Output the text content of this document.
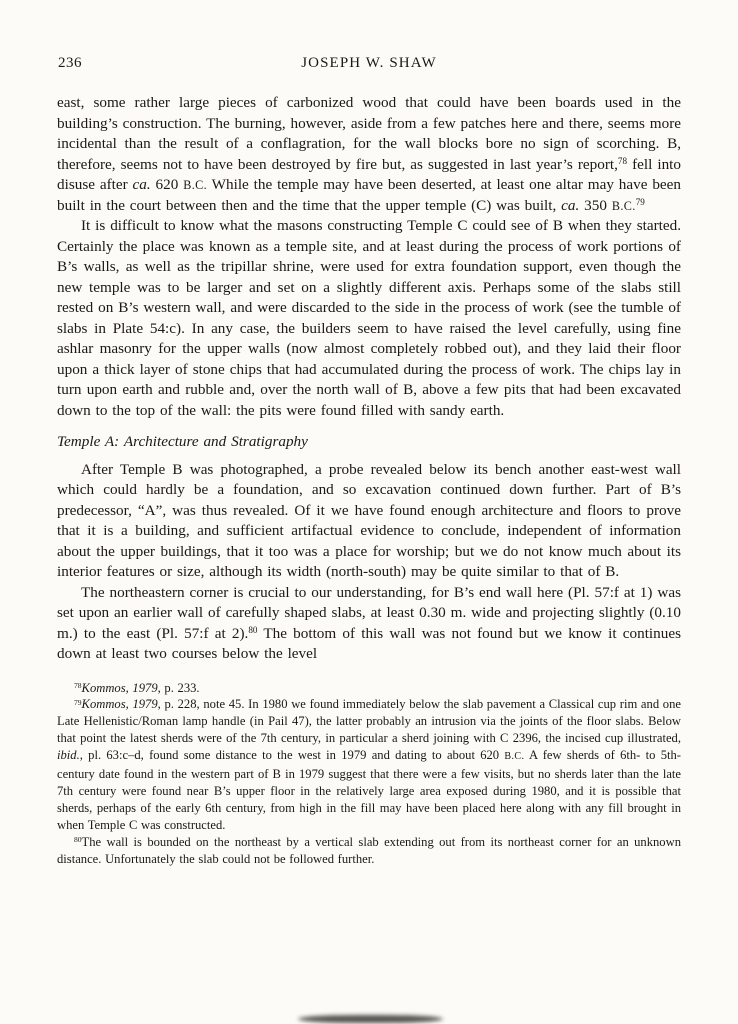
236	JOSEPH W. SHAW

east, some rather large pieces of carbonized wood that could have been boards used in the building’s construction. The burning, however, aside from a few patches here and there, seems more incidental than the result of a conflagration, for the wall blocks bore no sign of scorching. B, therefore, seems not to have been destroyed by fire but, as suggested in last year’s report,$^{78}$ fell into disuse after ca. 620 B.C. While the temple may have been deserted, at least one altar may have been built in the court between then and the time that the upper temple (C) was built, ca. 350 B.C.$^{79}$

It is difficult to know what the masons constructing Temple C could see of B when they started. Certainly the place was known as a temple site, and at least during the process of work portions of B’s walls, as well as the tripillar shrine, were used for extra foundation support, even though the new temple was to be larger and set on a slightly different axis. Perhaps some of the slabs still rested on B’s western wall, and were discarded to the side in the process of work (see the tumble of slabs in Plate 54:c). In any case, the builders seem to have raised the level carefully, using fine ashlar masonry for the upper walls (now almost completely robbed out), and they laid their floor upon a thick layer of stone chips that had accumulated during the process of work. The chips lay in turn upon earth and rubble and, over the north wall of B, above a few pits that had been excavated down to the top of the wall: the pits were found filled with sandy earth.

Temple A: Architecture and Stratigraphy

After Temple B was photographed, a probe revealed below its bench another east-west wall which could hardly be a foundation, and so excavation continued down further. Part of B’s predecessor, “A”, was thus revealed. Of it we have found enough architecture and floors to prove that it is a building, and sufficient artifactual evidence to conclude, independent of information about the upper buildings, that it too was a place for worship; but we do not know much about its interior features or size, although its width (north-south) may be quite similar to that of B.

The northeastern corner is crucial to our understanding, for B’s end wall here (Pl. 57:f at 1) was set upon an earlier wall of carefully shaped slabs, at least 0.30 m. wide and projecting slightly (0.10 m.) to the east (Pl. 57:f at 2).$^{80}$ The bottom of this wall was not found but we know it continues down at least two courses below the level

$^{78}$Kommos, 1979, p. 233.

$^{79}$Kommos, 1979, p. 228, note 45. In 1980 we found immediately below the slab pavement a Classical cup rim and one Late Hellenistic/Roman lamp handle (in Pail 47), the latter probably an intrusion via the joints of the floor slabs. Below that point the latest sherds were of the 7th century, in particular a sherd joining with C 2396, the incised cup illustrated, ibid., pl. 63:c–d, found some distance to the west in 1979 and dating to about 620 B.C. A few sherds of 6th- to 5th-century date found in the western part of B in 1979 suggest that there were a few visits, but no sherds later than the late 7th century were found near B’s upper floor in the relatively large area exposed during 1980, and it is possible that sherds, perhaps of the early 6th century, from high in the fill may have been placed here along with any fill brought in when Temple C was constructed.

$^{80}$The wall is bounded on the northeast by a vertical slab extending out from its northeast corner for an unknown distance. Unfortunately the slab could not be followed further.
